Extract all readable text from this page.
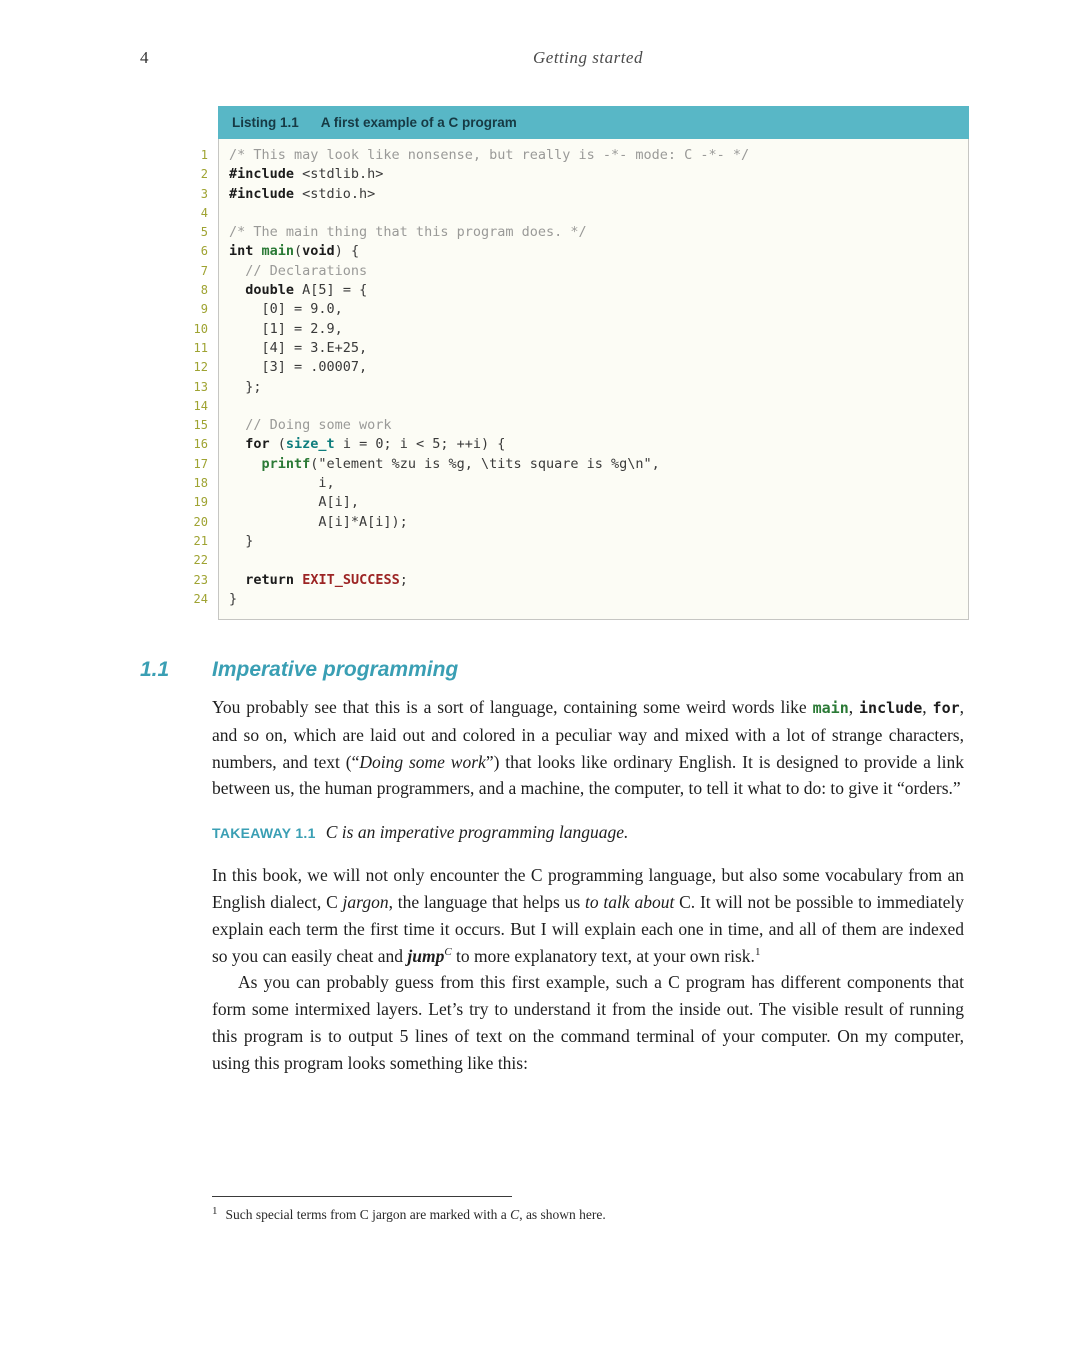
4	Getting started
Listing 1.1 A first example of a C program
1
2
3
4
5
6
7
8
9
10
11
12
13
14
15
16
17
18
19
20
21
22
23
24
/* This may look like nonsense, but really is -*- mode: C -*- */
#include <stdlib.h>
#include <stdio.h>

/* The main thing that this program does. */
int main(void) {
// Declarations
double A[5] = {
[0] = 9.0,
[1] = 2.9,
[4] = 3.E+25,
[3] = .00007,
};

// Doing some work
for (size_t i = 0; i < 5; ++i) {
printf("element %zu is %g, \tits square is %g\n",
i,
A[i],
A[i]*A[i]);
}

return EXIT_SUCCESS;
}
1.1	Imperative programming

You probably see that this is a sort of language, containing some weird words like main, include, for, and so on, which are laid out and colored in a peculiar way and mixed with a lot of strange characters, numbers, and text (“Doing some work”) that looks like ordinary English. It is designed to provide a link between us, the human programmers, and a machine, the computer, to tell it what to do: to give it “orders.”

TAKEAWAY 1.1 C is an imperative programming language.

In this book, we will not only encounter the C programming language, but also some vocabulary from an English dialect, C jargon, the language that helps us to talk about C. It will not be possible to immediately explain each term the first time it occurs. But I will explain each one in time, and all of them are indexed so you can easily cheat and jump$^C$ to more explanatory text, at your own risk.$^1$

As you can probably guess from this first example, such a C program has different components that form some intermixed layers. Let’s try to understand it from the inside out. The visible result of running this program is to output 5 lines of text on the command terminal of your computer. On my computer, using this program looks something like this:

$^1$ Such special terms from C jargon are marked with a C, as shown here.
